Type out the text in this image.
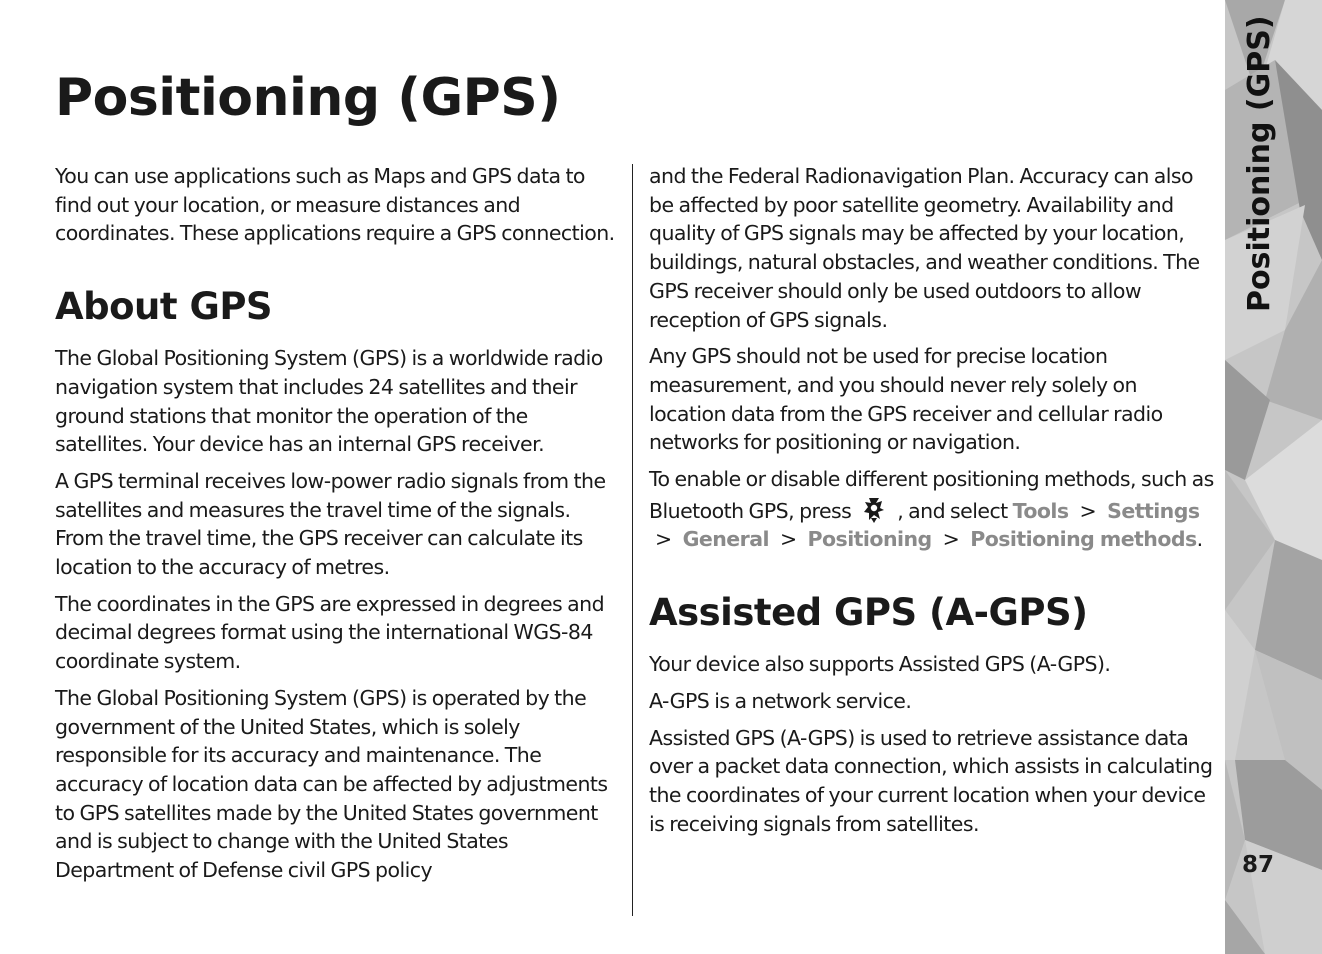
Positioning (GPS)

You can use applications such as Maps and GPS data to find out your location, or measure distances and coordinates. These applications require a GPS connection.

About GPS

The Global Positioning System (GPS) is a worldwide radio navigation system that includes 24 satellites and their ground stations that monitor the operation of the satellites. Your device has an internal GPS receiver.

A GPS terminal receives low-power radio signals from the satellites and measures the travel time of the signals. From the travel time, the GPS receiver can calculate its location to the accuracy of metres.

The coordinates in the GPS are expressed in degrees and decimal degrees format using the international WGS-84 coordinate system.

The Global Positioning System (GPS) is operated by the government of the United States, which is solely responsible for its accuracy and maintenance. The accuracy of location data can be affected by adjustments to GPS satellites made by the United States government and is subject to change with the United States Department of Defense civil GPS policy

and the Federal Radionavigation Plan. Accuracy can also be affected by poor satellite geometry. Availability and quality of GPS signals may be affected by your location, buildings, natural obstacles, and weather conditions. The GPS receiver should only be used outdoors to allow reception of GPS signals.

Any GPS should not be used for precise location measurement, and you should never rely solely on location data from the GPS receiver and cellular radio networks for positioning or navigation.

To enable or disable different positioning methods, such as Bluetooth GPS, press , and select Tools > Settings > General > Positioning > Positioning methods.

Assisted GPS (A-GPS)

Your device also supports Assisted GPS (A-GPS).

A-GPS is a network service.

Assisted GPS (A-GPS) is used to retrieve assistance data over a packet data connection, which assists in calculating the coordinates of your current location when your device is receiving signals from satellites.

Positioning (GPS)
87
